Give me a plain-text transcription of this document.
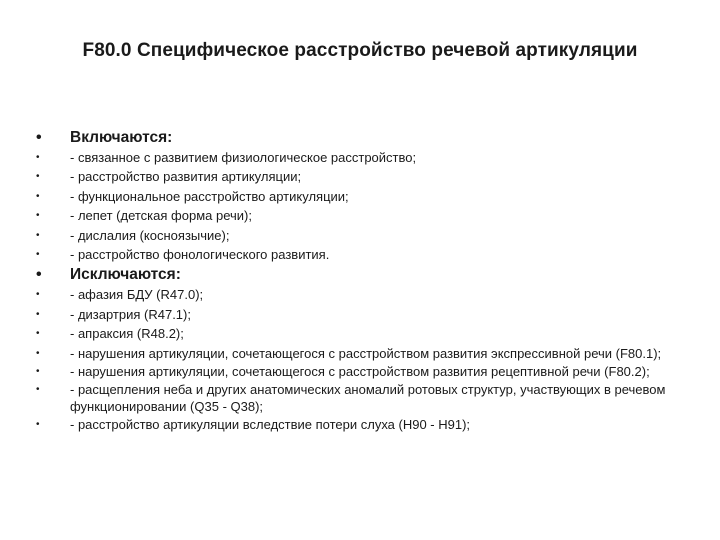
F80.0 Специфическое расстройство речевой артикуляции
•	Включаются:
•	- связанное с развитием физиологическое расстройство;
•	- расстройство развития артикуляции;
•	- функциональное расстройство артикуляции;
•	- лепет (детская форма речи);
•	- дислалия (косноязычие);
•	- расстройство фонологического развития.
•	Исключаются:
•	- афазия БДУ (R47.0);
•	- дизартрия (R47.1);
•	- апраксия (R48.2);
•	- нарушения артикуляции, сочетающегося с расстройством развития экспрессивной речи (F80.1);
•	- нарушения артикуляции, сочетающегося с расстройством развития рецептивной речи (F80.2);
•	- расщепления неба и других анатомических аномалий ротовых структур, участвующих в речевом функционировании (Q35 - Q38);
•	- расстройство артикуляции вследствие потери слуха (H90 - H91);
